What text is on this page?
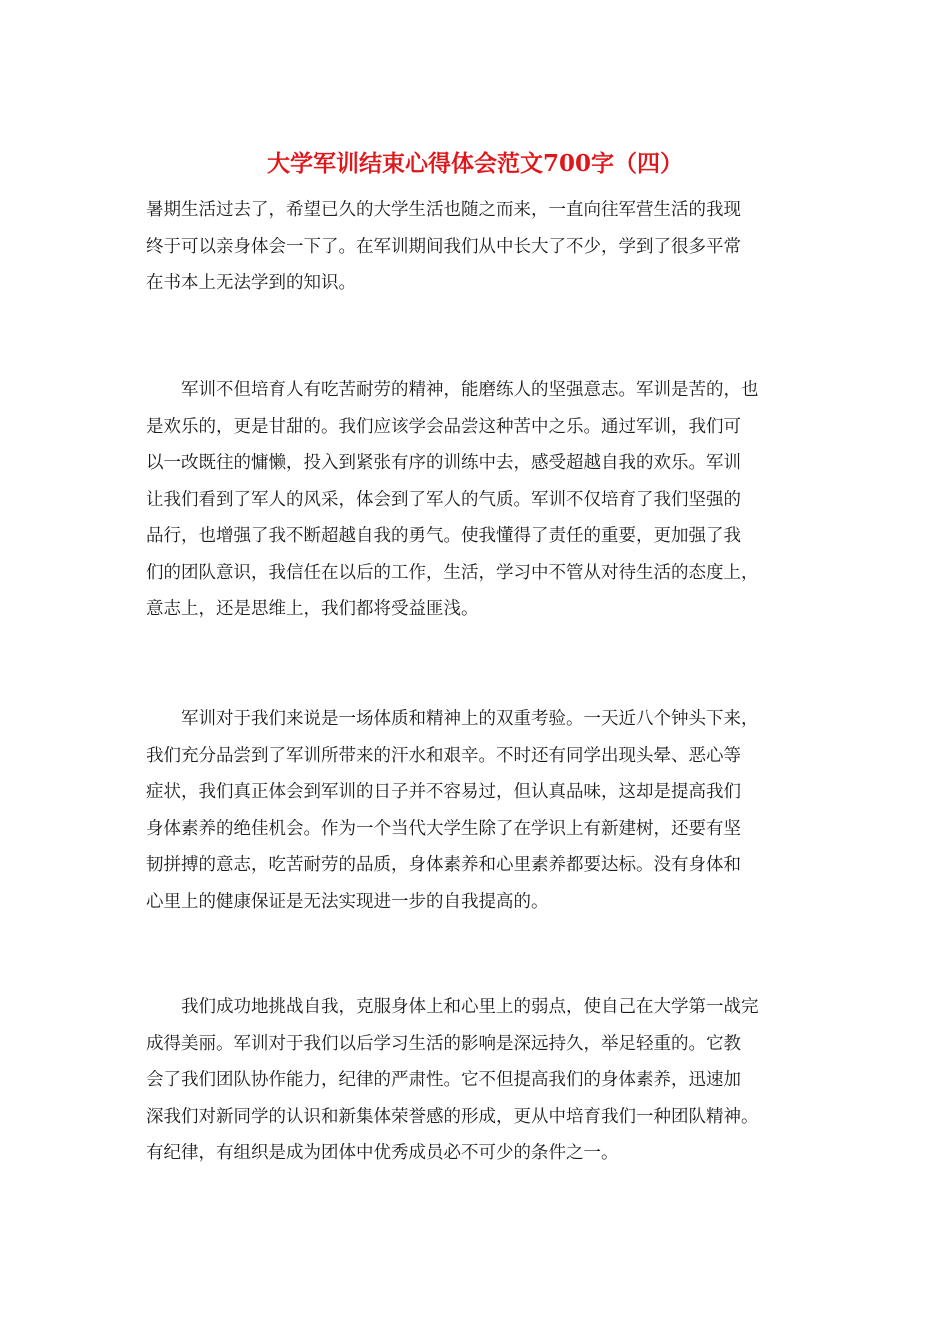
大学军训结束心得体会范文700字（四）

暑期生活过去了，希望已久的大学生活也随之而来，一直向往军营生活的我现
终于可以亲身体会一下了。在军训期间我们从中长大了不少，学到了很多平常
在书本上无法学到的知识。

　　军训不但培育人有吃苦耐劳的精神，能磨练人的坚强意志。军训是苦的，也
是欢乐的，更是甘甜的。我们应该学会品尝这种苦中之乐。通过军训，我们可
以一改既往的慵懒，投入到紧张有序的训练中去，感受超越自我的欢乐。军训
让我们看到了军人的风采，体会到了军人的气质。军训不仅培育了我们坚强的
品行，也增强了我不断超越自我的勇气。使我懂得了责任的重要，更加强了我
们的团队意识，我信任在以后的工作，生活，学习中不管从对待生活的态度上，
意志上，还是思维上，我们都将受益匪浅。

　　军训对于我们来说是一场体质和精神上的双重考验。一天近八个钟头下来，
我们充分品尝到了军训所带来的汗水和艰辛。不时还有同学出现头晕、恶心等
症状，我们真正体会到军训的日子并不容易过，但认真品味，这却是提高我们
身体素养的绝佳机会。作为一个当代大学生除了在学识上有新建树，还要有坚
韧拼搏的意志，吃苦耐劳的品质，身体素养和心里素养都要达标。没有身体和
心里上的健康保证是无法实现进一步的自我提高的。

　　我们成功地挑战自我，克服身体上和心里上的弱点，使自己在大学第一战完
成得美丽。军训对于我们以后学习生活的影响是深远持久，举足轻重的。它教
会了我们团队协作能力，纪律的严肃性。它不但提高我们的身体素养，迅速加
深我们对新同学的认识和新集体荣誉感的形成，更从中培育我们一种团队精神。
有纪律，有组织是成为团体中优秀成员必不可少的条件之一。
